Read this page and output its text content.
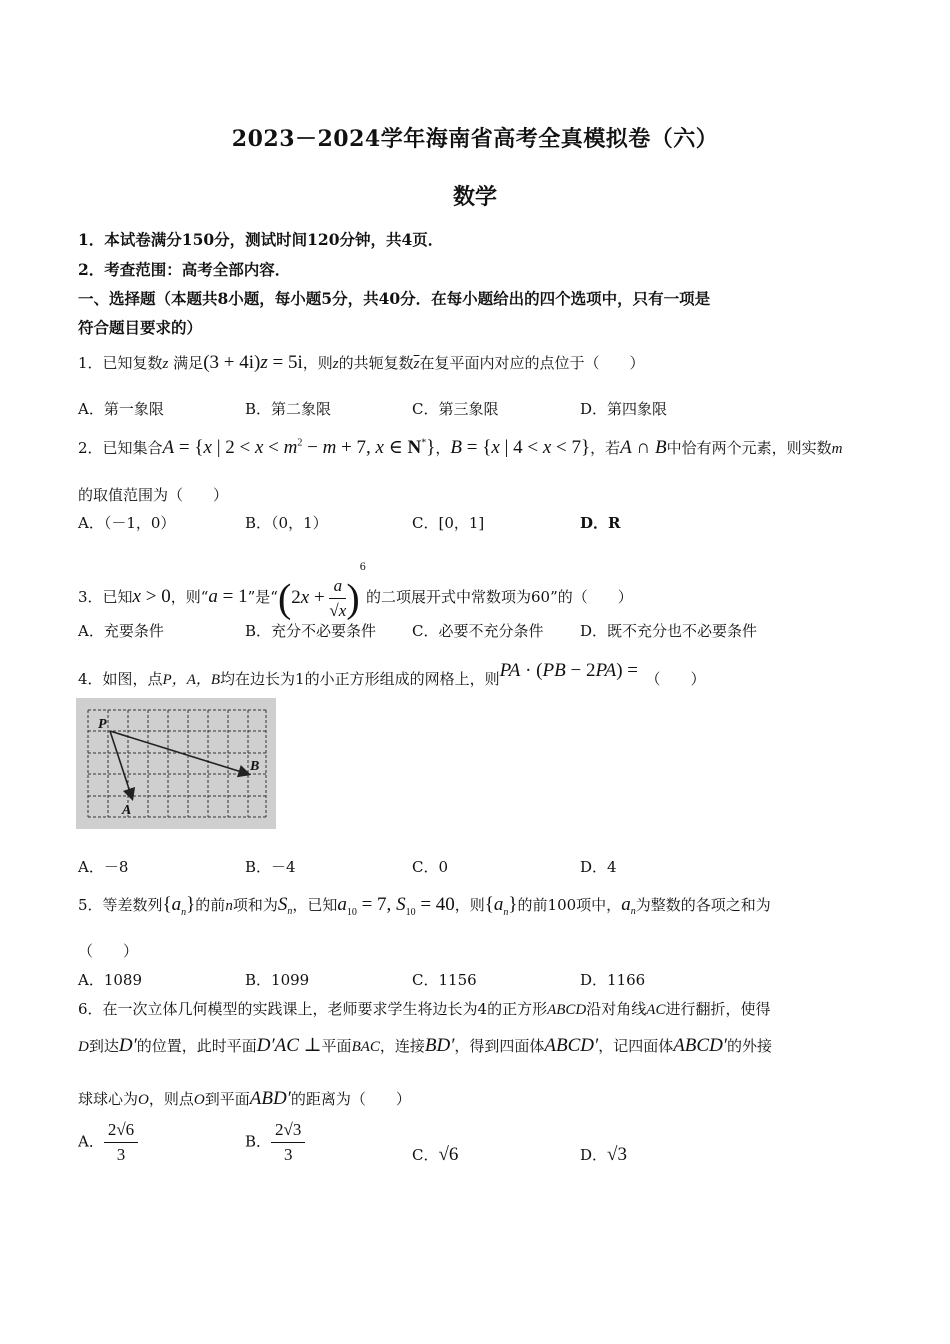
2023－2024学年海南省高考全真模拟卷（六）
数学
1．本试卷满分150分，测试时间120分钟，共4页．
2．考查范围：高考全部内容．
一、选择题（本题共8小题，每小题5分，共40分．在每小题给出的四个选项中，只有一项是
符合题目要求的）
1．已知复数z 满足(3 + 4i)z = 5i，则z的共轭复数$\overline{z}$在复平面内对应的点位于（　　）
A．第一象限	B．第二象限	C．第三象限	D．第四象限
2．已知集合A = {x | $2 < x < m^2 - m + 7$, x ∈ N*}，B = {x | 4 < x < 7}，若A ∩ B中恰有两个元素，则实数m
的取值范围为（　　）
A．（－1，0）	B．（0，1）	C．[0，1]	D．R
3．已知x > 0，则“a = 1”是“$(2x + \frac{a}{√x} )^6$的二项展开式中常数项为60”的（　　）
A．充要条件	B．充分不必要条件 C．必要不充分条件 D．既不充分也不必要条件
4．如图，点P，A，B均在边长为1的小正方形组成的网格上，则PA · (PB − 2PA) =　 （　　）
P
B
A
A．－8	B．－4	C．0	D．4
5．等差数列$\{a_n\}$的前n项和为$S_n$，已知$a_{10} = 7$, $S_{10} = 40$，则$\{a_n\}$的前100项中，$a_n$为整数的各项之和为
（　　）
A．1089	B．1099	C．1156	D．1166
6．在一次立体几何模型的实践课上，老师要求学生将边长为4的正方形ABCD沿对角线AC进行翻折，使得
D到达D′的位置，此时平面D′AC ⊥平面BAC，连接BD′，得到四面体ABCD′，记四面体ABCD′的外接
球球心为O，则点O到平面ABD′的距离为（　　）
A． $\frac{2√6}{3}$	B． $\frac{2√3}{3}$	C．√6	D．√3
